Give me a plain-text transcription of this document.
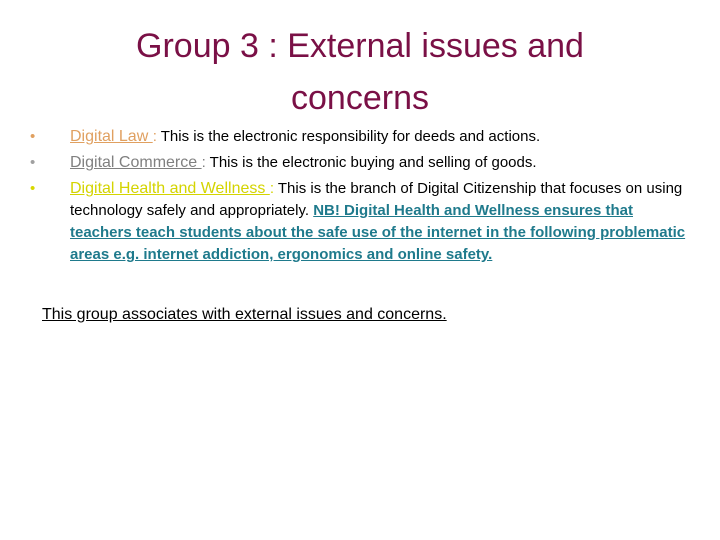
Group 3 : External issues and
concerns
• Digital Law : This is the electronic responsibility for deeds and actions.
• Digital Commerce : This is the electronic buying and selling of goods.
• Digital Health and Wellness : This is the branch of Digital Citizenship that focuses on using technology safely and appropriately. NB! Digital Health and Wellness ensures that teachers teach students about the safe use of the internet in the following problematic areas e.g. internet addiction, ergonomics and online safety.
This group associates with external issues and concerns.
